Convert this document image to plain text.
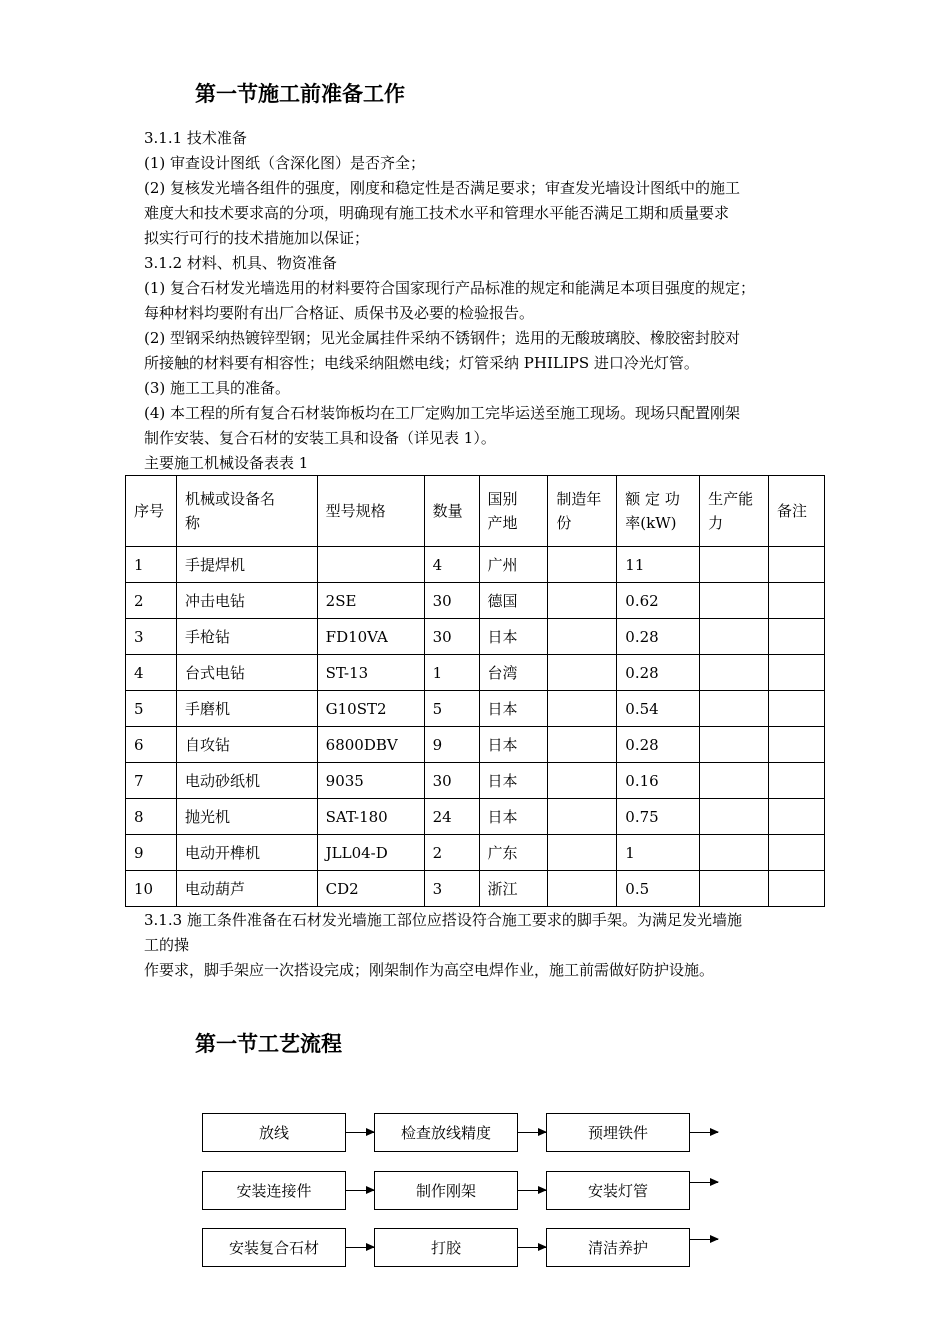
第一节施工前准备工作

3.1.1 技术准备

(1) 审查设计图纸（含深化图）是否齐全；

(2) 复核发光墙各组件的强度，刚度和稳定性是否满足要求；审查发光墙设计图纸中的施工

难度大和技术要求高的分项，明确现有施工技术水平和管理水平能否满足工期和质量要求

拟实行可行的技术措施加以保证；

3.1.2 材料、机具、物资准备

(1) 复合石材发光墙选用的材料要符合国家现行产品标准的规定和能满足本项目强度的规定；

每种材料均要附有出厂合格证、质保书及必要的检验报告。

(2) 型钢采纳热镀锌型钢；见光金属挂件采纳不锈钢件；选用的无酸玻璃胶、橡胶密封胶对

所接触的材料要有相容性；电线采纳阻燃电线；灯管采纳 PHILIPS 进口冷光灯管。

(3) 施工工具的准备。

(4) 本工程的所有复合石材装饰板均在工厂定购加工完毕运送至施工现场。现场只配置刚架

制作安装、复合石材的安装工具和设备（详见表 1）。

主要施工机械设备表表 1

序号	机械或设备名称	型号规格	数量	国别产地	制造年份	额 定 功率(kW)	生产能力	备注
1	手提焊机		4	广州		11		
2	冲击电钻	2SE	30	德国		0.62		
3	手枪钻	FD10VA	30	日本		0.28		
4	台式电钻	ST-13	1	台湾		0.28		
5	手磨机	G10ST2	5	日本		0.54		
6	自攻钻	6800DBV	9	日本		0.28		
7	电动砂纸机	9035	30	日本		0.16		
8	抛光机	SAT-180	24	日本		0.75		
9	电动开榫机	JLL04-D	2	广东		1		
10	电动葫芦	CD2	3	浙江		0.5		

3.1.3 施工条件准备在石材发光墙施工部位应搭设符合施工要求的脚手架。为满足发光墙施

工的操

作要求，脚手架应一次搭设完成；刚架制作为高空电焊作业，施工前需做好防护设施。

第一节工艺流程
放线	检查放线精度	预埋铁件
安装连接件	制作刚架	安装灯管
安装复合石材	打胶	清洁养护
